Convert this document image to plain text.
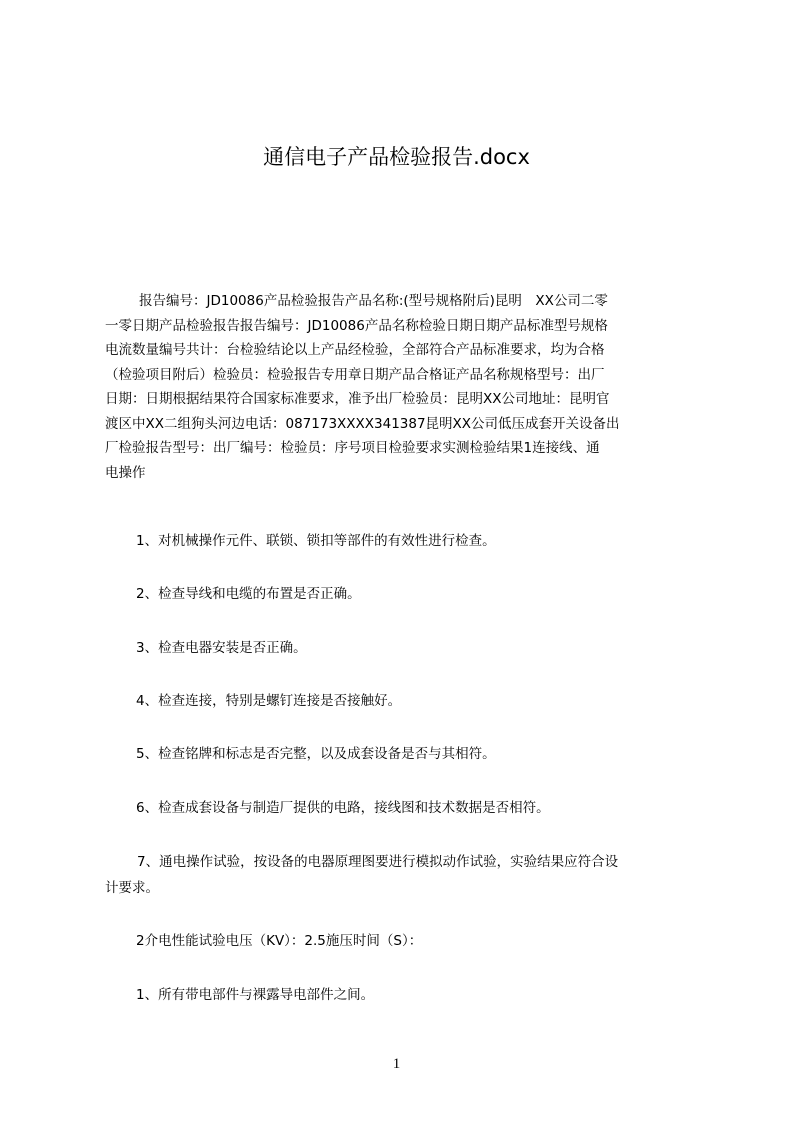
通信电子产品检验报告.docx
报告编号：JD10086产品检验报告产品名称:(型号规格附后)昆明　XX公司二零
一零日期产品检验报告报告编号：JD10086产品名称检验日期日期产品标准型号规格
电流数量编号共计：台检验结论以上产品经检验，全部符合产品标准要求，均为合格
（检验项目附后）检验员：检验报告专用章日期产品合格证产品名称规格型号：出厂
日期：日期根据结果符合国家标准要求，准予出厂检验员：昆明XX公司地址：昆明官
渡区中XX二组狗头河边电话：087173XXXX341387昆明XX公司低压成套开关设备出
厂检验报告型号：出厂编号：检验员：序号项目检验要求实测检验结果1连接线、通
电操作
1、对机械操作元件、联锁、锁扣等部件的有效性进行检查。
2、检查导线和电缆的布置是否正确。
3、检查电器安装是否正确。
4、检查连接，特别是螺钉连接是否接触好。
5、检查铭牌和标志是否完整，以及成套设备是否与其相符。
6、检查成套设备与制造厂提供的电路，接线图和技术数据是否相符。
7、通电操作试验，按设备的电器原理图要进行模拟动作试验，实验结果应符合设
计要求。
2介电性能试验电压（KV）：2.5施压时间（S）：
1、所有带电部件与裸露导电部件之间。
1
